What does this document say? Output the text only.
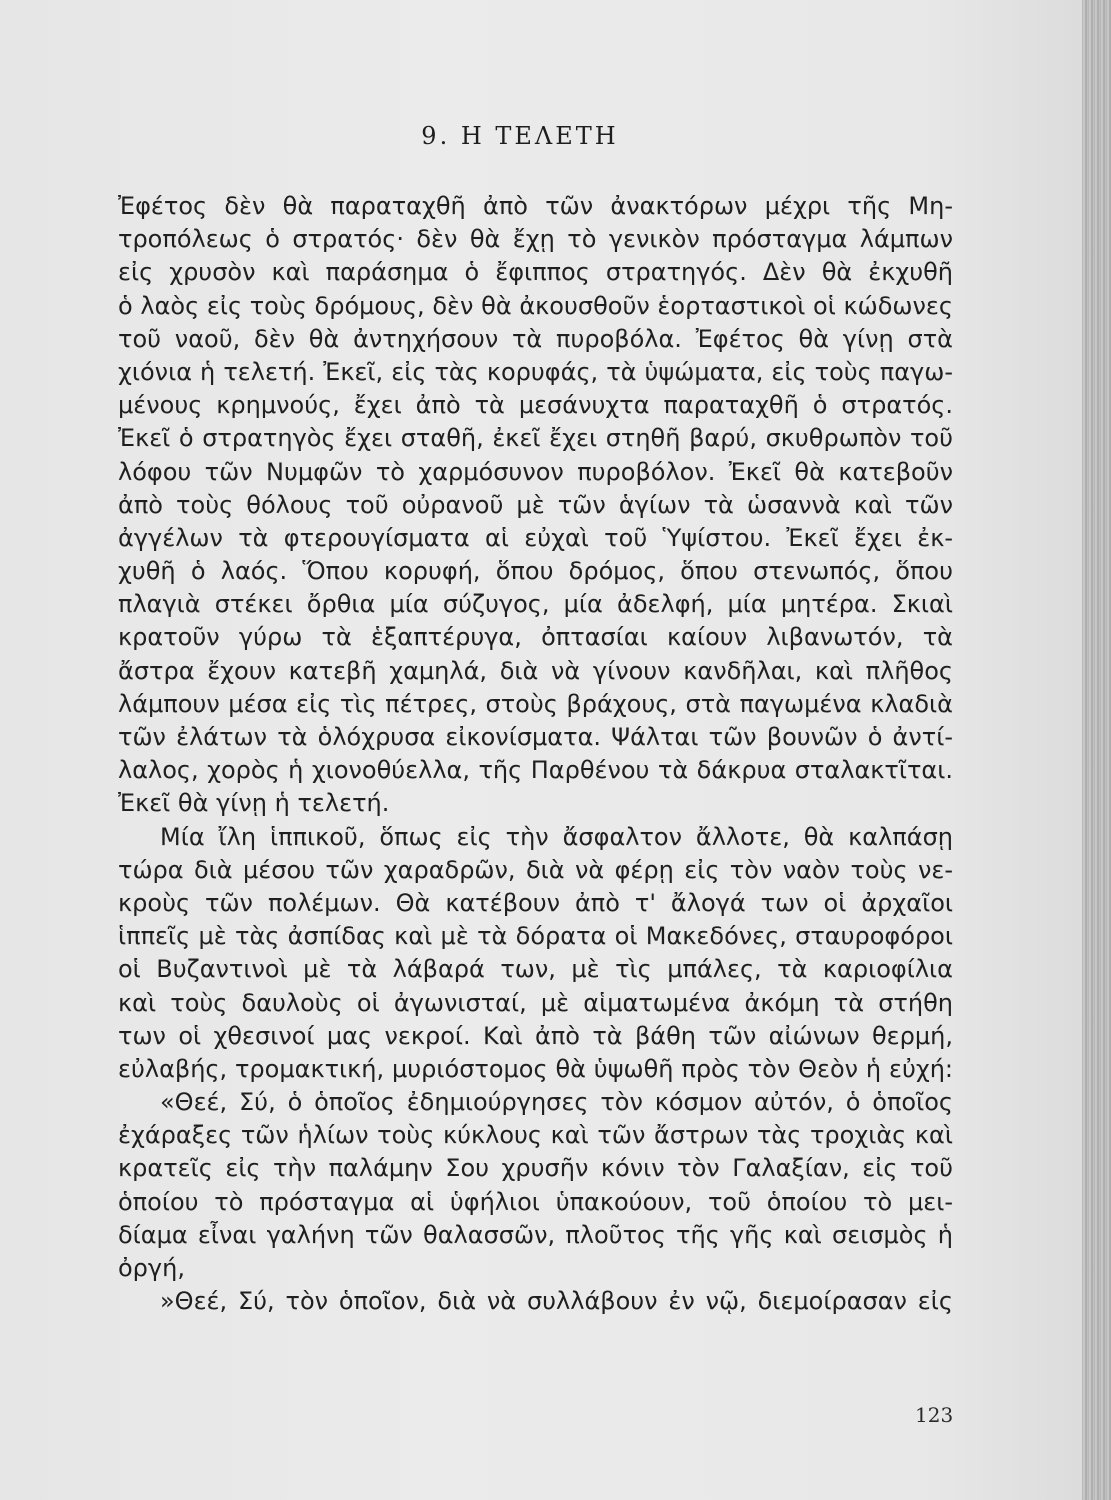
9. Η ΤΕΛΕΤΗ
Ἐφέτος δὲν θὰ παραταχθῆ ἀπὸ τῶν ἀνακτόρων μέχρι τῆς Μη-
τροπόλεως ὁ στρατός· δὲν θὰ ἔχῃ τὸ γενικὸν πρόσταγμα λάμπων
εἰς χρυσὸν καὶ παράσημα ὁ ἔφιππος στρατηγός. Δὲν θὰ ἐκχυθῆ
ὁ λαὸς εἰς τοὺς δρόμους, δὲν θὰ ἀκουσθοῦν ἑορταστικοὶ οἱ κώδωνες
τοῦ ναοῦ, δὲν θὰ ἀντηχήσουν τὰ πυροβόλα. Ἐφέτος θὰ γίνῃ στὰ
χιόνια ἡ τελετή. Ἐκεῖ, εἰς τὰς κορυφάς, τὰ ὑψώματα, εἰς τοὺς παγω-
μένους κρημνούς, ἔχει ἀπὸ τὰ μεσάνυχτα παραταχθῆ ὁ στρατός.
Ἐκεῖ ὁ στρατηγὸς ἔχει σταθῆ, ἐκεῖ ἔχει στηθῆ βαρύ, σκυθρωπὸν τοῦ
λόφου τῶν Νυμφῶν τὸ χαρμόσυνον πυροβόλον. Ἐκεῖ θὰ κατεβοῦν
ἀπὸ τοὺς θόλους τοῦ οὐρανοῦ μὲ τῶν ἁγίων τὰ ὡσαννὰ καὶ τῶν
ἀγγέλων τὰ φτερουγίσματα αἱ εὐχαὶ τοῦ Ὑψίστου. Ἐκεῖ ἔχει ἐκ-
χυθῆ ὁ λαός. Ὅπου κορυφή, ὅπου δρόμος, ὅπου στενωπός, ὅπου
πλαγιὰ στέκει ὄρθια μία σύζυγος, μία ἀδελφή, μία μητέρα. Σκιαὶ
κρατοῦν γύρω τὰ ἑξαπτέρυγα, ὀπτασίαι καίουν λιβανωτόν, τὰ
ἄστρα ἔχουν κατεβῆ χαμηλά, διὰ νὰ γίνουν κανδῆλαι, καὶ πλῆθος
λάμπουν μέσα εἰς τὶς πέτρες, στοὺς βράχους, στὰ παγωμένα κλαδιὰ
τῶν ἐλάτων τὰ ὁλόχρυσα εἰκονίσματα. Ψάλται τῶν βουνῶν ὁ ἀντί-
λαλος, χορὸς ἡ χιονοθύελλα, τῆς Παρθένου τὰ δάκρυα σταλακτῖται.
Ἐκεῖ θὰ γίνῃ ἡ τελετή.
Μία ἴλη ἱππικοῦ, ὅπως εἰς τὴν ἄσφαλτον ἄλλοτε, θὰ καλπάσῃ
τώρα διὰ μέσου τῶν χαραδρῶν, διὰ νὰ φέρῃ εἰς τὸν ναὸν τοὺς νε-
κροὺς τῶν πολέμων. Θὰ κατέβουν ἀπὸ τ' ἄλογά των οἱ ἀρχαῖοι
ἱππεῖς μὲ τὰς ἀσπίδας καὶ μὲ τὰ δόρατα οἱ Μακεδόνες, σταυροφόροι
οἱ Βυζαντινοὶ μὲ τὰ λάβαρά των, μὲ τὶς μπάλες, τὰ καριοφίλια
καὶ τοὺς δαυλοὺς οἱ ἀγωνισταί, μὲ αἱματωμένα ἀκόμη τὰ στήθη
των οἱ χθεσινοί μας νεκροί. Καὶ ἀπὸ τὰ βάθη τῶν αἰώνων θερμή,
εὐλαβής, τρομακτική, μυριόστομος θὰ ὑψωθῆ πρὸς τὸν Θεὸν ἡ εὐχή:
«Θεέ, Σύ, ὁ ὁποῖος ἐδημιούργησες τὸν κόσμον αὐτόν, ὁ ὁποῖος
ἐχάραξες τῶν ἡλίων τοὺς κύκλους καὶ τῶν ἄστρων τὰς τροχιὰς καὶ
κρατεῖς εἰς τὴν παλάμην Σου χρυσῆν κόνιν τὸν Γαλαξίαν, εἰς τοῦ
ὁποίου τὸ πρόσταγμα αἱ ὑφήλιοι ὑπακούουν, τοῦ ὁποίου τὸ μει-
δίαμα εἶναι γαλήνη τῶν θαλασσῶν, πλοῦτος τῆς γῆς καὶ σεισμὸς ἡ
ὀργή,
»Θεέ, Σύ, τὸν ὁποῖον, διὰ νὰ συλλάβουν ἐν νῷ, διεμοίρασαν εἰς
123
